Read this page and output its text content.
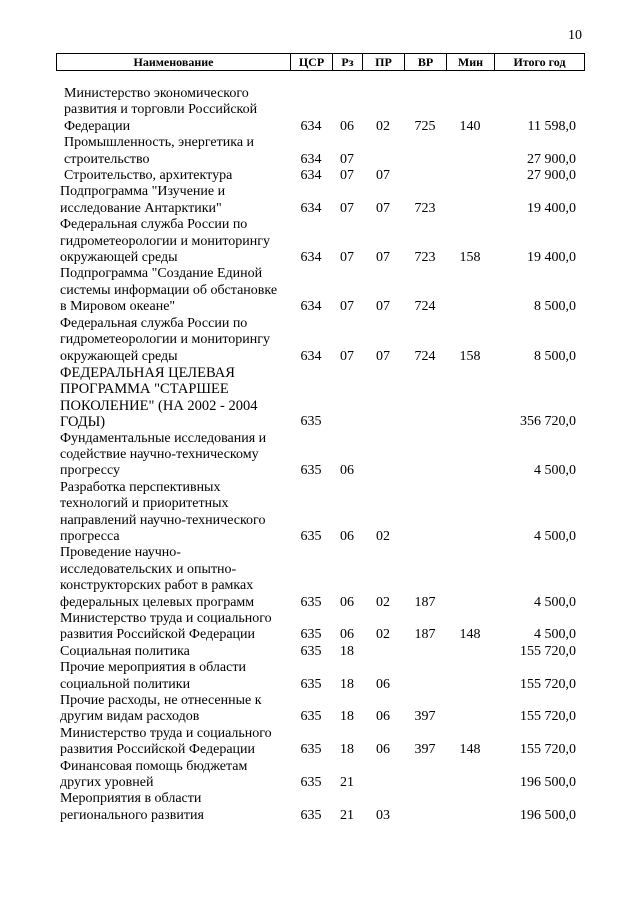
10
Наименование	ЦСР	Рз	ПР	ВР	Мин	Итого год
Министерство экономического развития и торговли Российской Федерации	634	06	02	725	140	11 598,0
Промышленность, энергетика и строительство	634	07				27 900,0
Строительство, архитектура	634	07	07			27 900,0
Подпрограмма "Изучение и исследование Антарктики"	634	07	07	723		19 400,0
Федеральная служба России по гидрометеорологии и мониторингу окружающей среды	634	07	07	723	158	19 400,0
Подпрограмма "Создание Единой системы информации об обстановке в Мировом океане"	634	07	07	724		8 500,0
Федеральная служба России по гидрометеорологии и мониторингу окружающей среды	634	07	07	724	158	8 500,0
ФЕДЕРАЛЬНАЯ ЦЕЛЕВАЯ ПРОГРАММА "СТАРШЕЕ ПОКОЛЕНИЕ" (НА 2002 - 2004 ГОДЫ)	635					356 720,0
Фундаментальные исследования и содействие научно-техническому прогрессу	635	06				4 500,0
Разработка перспективных технологий и приоритетных направлений научно-технического прогресса	635	06	02			4 500,0
Проведение научно-исследовательских и опытно-конструкторских работ в рамках федеральных целевых программ	635	06	02	187		4 500,0
Министерство труда и социального развития Российской Федерации	635	06	02	187	148	4 500,0
Социальная политика	635	18				155 720,0
Прочие мероприятия в области социальной политики	635	18	06			155 720,0
Прочие расходы, не отнесенные к другим видам расходов	635	18	06	397		155 720,0
Министерство труда и социального развития Российской Федерации	635	18	06	397	148	155 720,0
Финансовая помощь бюджетам других уровней	635	21				196 500,0
Мероприятия в области регионального развития	635	21	03			196 500,0
